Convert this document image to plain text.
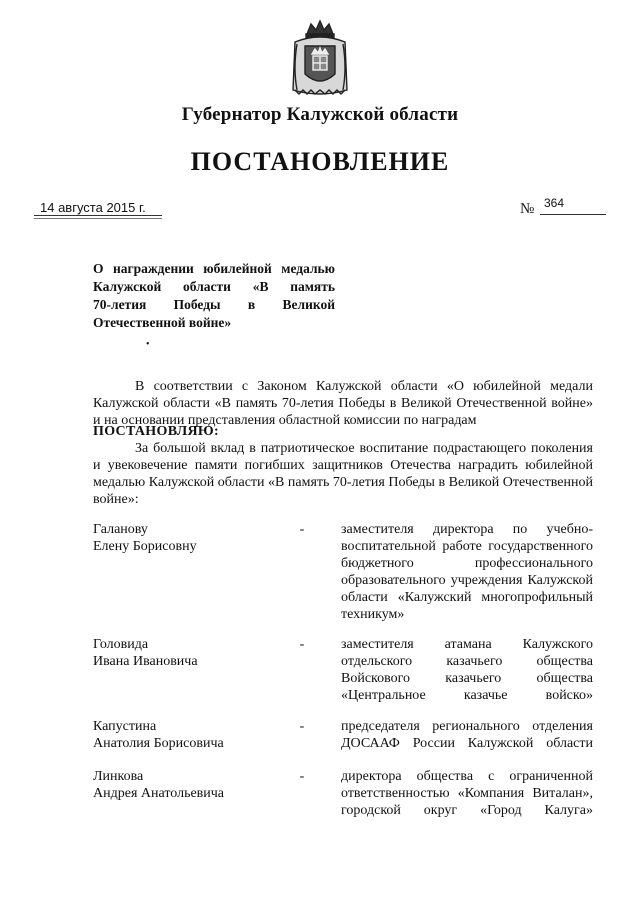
Губернатор Калужской области
ПОСТАНОВЛЕНИЕ
14 августа 2015 г.	№ 364
О награждении юбилейной медалью
Калужской области «В память
70-летия Победы в Великой
Отечественной войне»
•
В соответствии с Законом Калужской области «О юбилейной медали Калужской области «В память 70-летия Победы в Великой Отечественной войне» и на основании представления областной комиссии по наградам
ПОСТАНОВЛЯЮ:
За большой вклад в патриотическое воспитание подрастающего поколения и увековечение памяти погибших защитников Отечества наградить юбилейной медалью Калужской области «В память 70-летия Победы в Великой Отечественной войне»:
Галанову
Елену Борисовну
-	заместителя директора по учебно-воспитательной работе государственного бюджетного профессионального образовательного учреждения Калужской области «Калужский многопрофильный техникум»
Головида
Ивана Ивановича
-	заместителя атамана Калужского отдельского казачьего общества Войскового казачьего общества «Центральное казачье войско»
Капустина
Анатолия Борисовича
-	председателя регионального отделения ДОСААФ России Калужской области
Линкова
Андрея Анатольевича
-	директора общества с ограниченной ответственностью «Компания Виталан», городской округ «Город Калуга»
